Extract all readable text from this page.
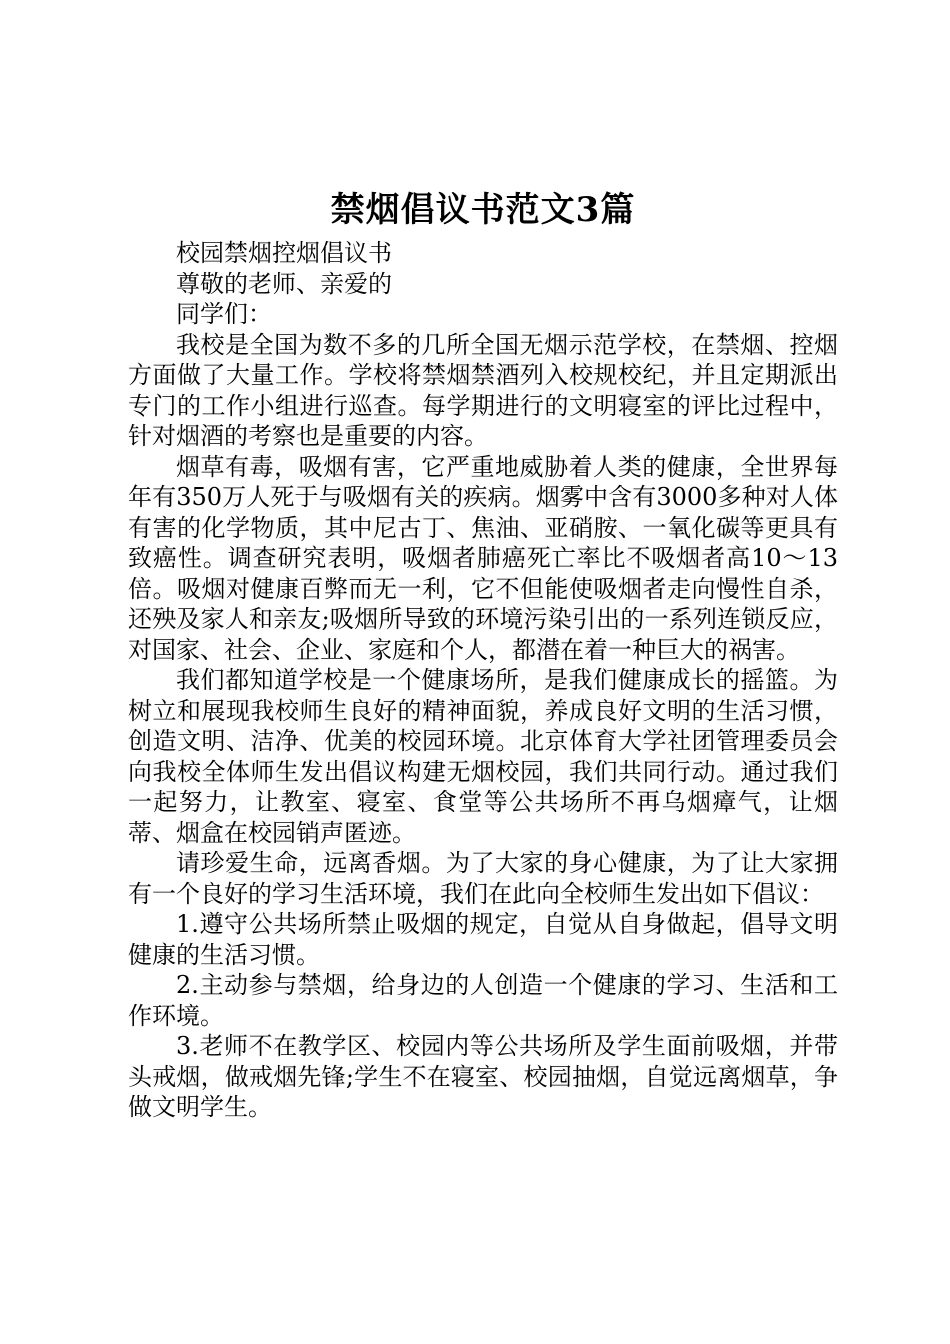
禁烟倡议书范文3篇

校园禁烟控烟倡议书

尊敬的老师、亲爱的

同学们：

我校是全国为数不多的几所全国无烟示范学校，在禁烟、控烟方面做了大量工作。学校将禁烟禁酒列入校规校纪，并且定期派出专门的工作小组进行巡查。每学期进行的文明寝室的评比过程中，针对烟酒的考察也是重要的内容。

烟草有毒，吸烟有害，它严重地威胁着人类的健康，全世界每年有350万人死于与吸烟有关的疾病。烟雾中含有3000多种对人体有害的化学物质，其中尼古丁、焦油、亚硝胺、一氧化碳等更具有致癌性。调查研究表明，吸烟者肺癌死亡率比不吸烟者高10～13倍。吸烟对健康百弊而无一利，它不但能使吸烟者走向慢性自杀，还殃及家人和亲友;吸烟所导致的环境污染引出的一系列连锁反应，对国家、社会、企业、家庭和个人，都潜在着一种巨大的祸害。

我们都知道学校是一个健康场所，是我们健康成长的摇篮。为树立和展现我校师生良好的精神面貌，养成良好文明的生活习惯，创造文明、洁净、优美的校园环境。北京体育大学社团管理委员会向我校全体师生发出倡议构建无烟校园，我们共同行动。通过我们一起努力，让教室、寝室、食堂等公共场所不再乌烟瘴气，让烟蒂、烟盒在校园销声匿迹。

请珍爱生命，远离香烟。为了大家的身心健康，为了让大家拥有一个良好的学习生活环境，我们在此向全校师生发出如下倡议：

1.遵守公共场所禁止吸烟的规定，自觉从自身做起，倡导文明健康的生活习惯。

2.主动参与禁烟，给身边的人创造一个健康的学习、生活和工作环境。

3.老师不在教学区、校园内等公共场所及学生面前吸烟，并带头戒烟，做戒烟先锋;学生不在寝室、校园抽烟，自觉远离烟草，争做文明学生。
